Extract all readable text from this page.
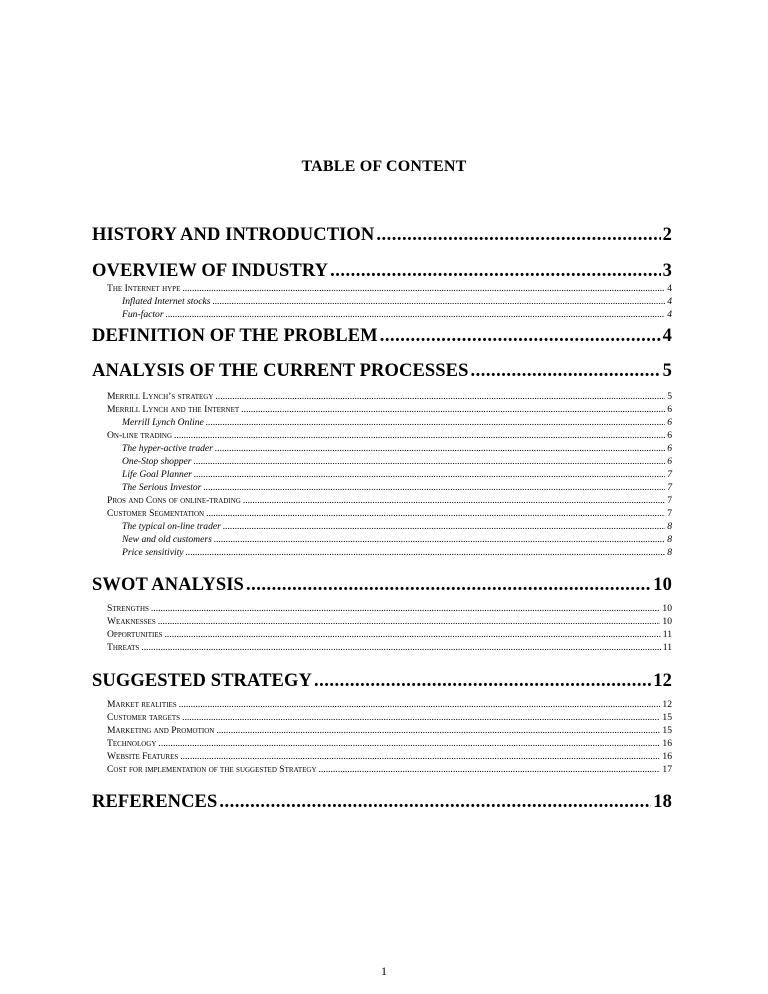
TABLE OF CONTENT
HISTORY AND INTRODUCTION .....	2
OVERVIEW OF INDUSTRY .....	3
The Internet hype .....	4
Inflated Internet stocks .....	4
Fun-factor .....	4
DEFINITION OF THE PROBLEM .....	4
ANALYSIS OF THE CURRENT PROCESSES .....	5
Merrill Lynch’s strategy .....	5
Merrill Lynch and the Internet .....	6
Merrill Lynch Online .....	6
On-line trading .....	6
The hyper-active trader .....	6
One-Stop shopper .....	6
Life Goal Planner .....	7
The Serious Investor .....	7
Pros and Cons of online-trading .....	7
Customer Segmentation .....	7
The typical on-line trader .....	8
New and old customers .....	8
Price sensitivity .....	8
SWOT ANALYSIS .....	10
Strengths .....	10
Weaknesses .....	10
Opportunities .....	11
Threats .....	11
SUGGESTED STRATEGY .....	12
Market realities .....	12
Customer targets .....	15
Marketing and Promotion .....	15
Technology .....	16
Website Features .....	16
Cost for implementation of the suggested Strategy .....	17
REFERENCES .....	18
1
